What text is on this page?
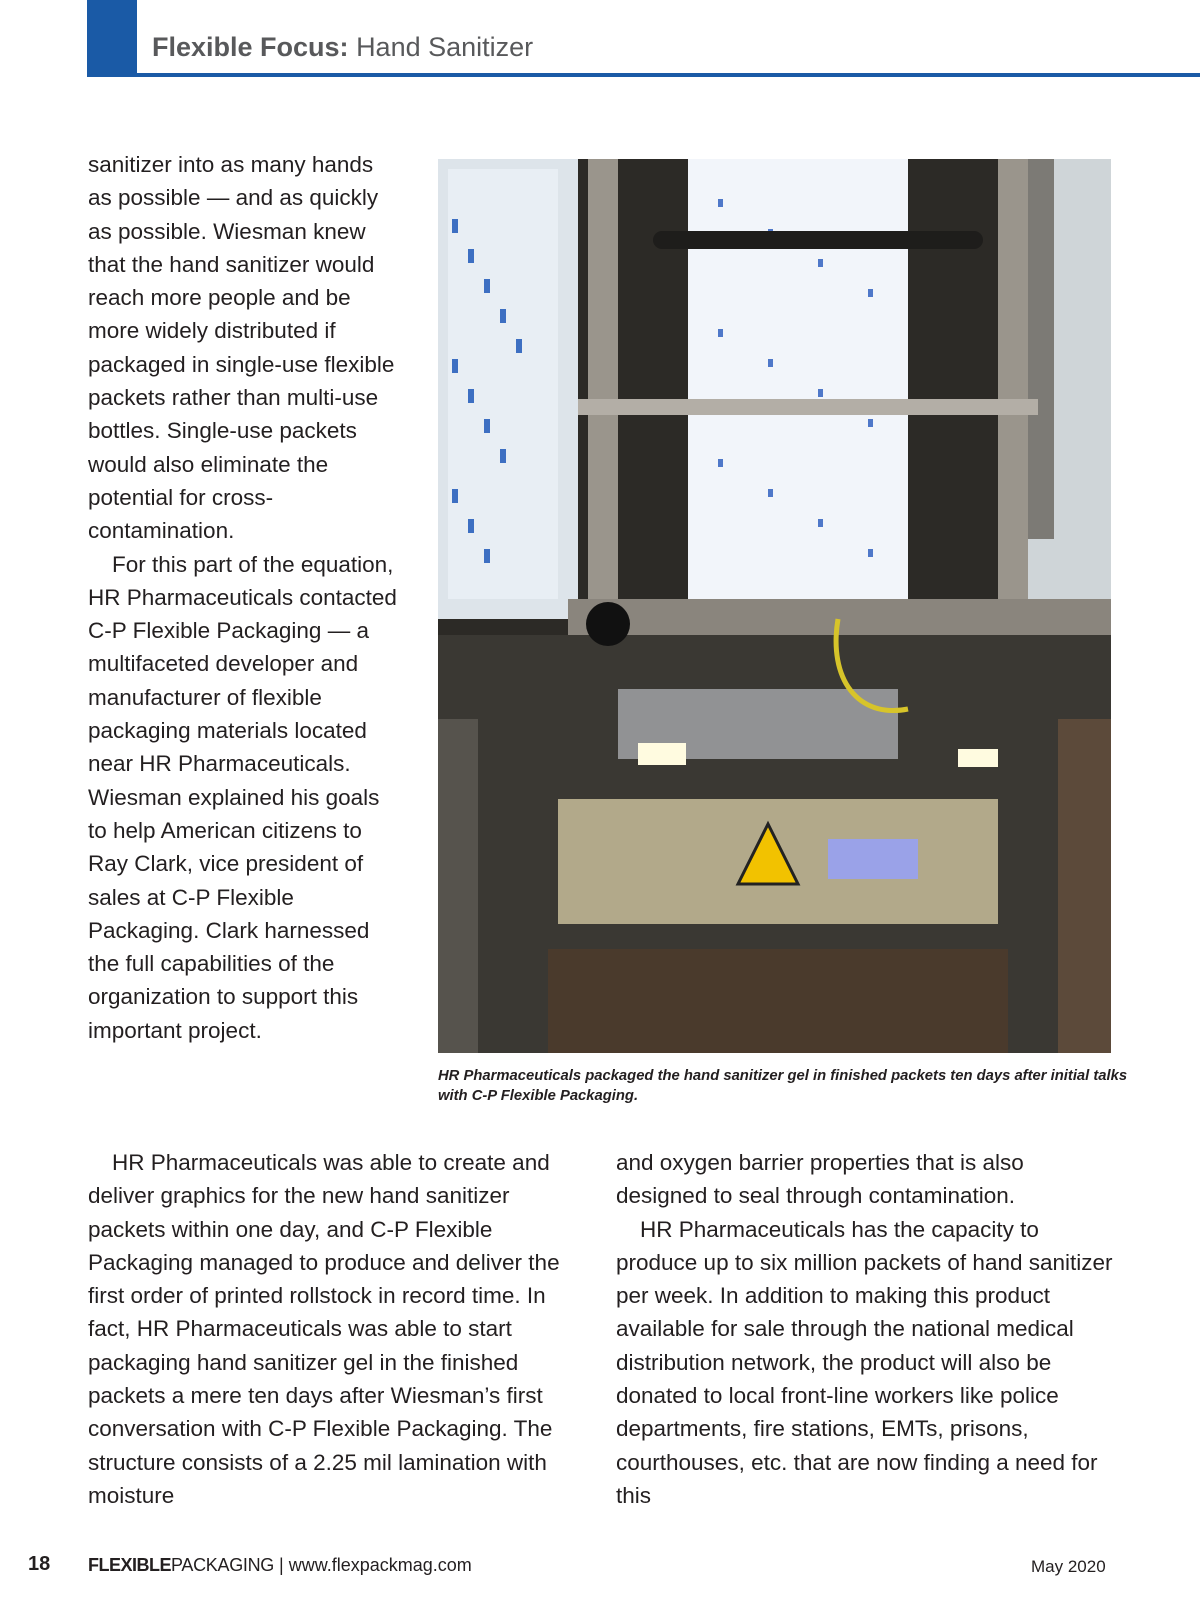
Flexible Focus: Hand Sanitizer

sanitizer into as many hands as possible — and as quickly as possible. Wiesman knew that the hand sanitizer would reach more people and be more widely distributed if packaged in single-use flexible packets rather than multi-use bottles. Single-use packets would also eliminate the potential for cross-contamination.

For this part of the equation, HR Pharmaceuticals contacted C-P Flexible Packaging — a multifaceted developer and manufacturer of flexible packaging materials located near HR Pharmaceuticals. Wiesman explained his goals to help American citizens to Ray Clark, vice president of sales at C-P Flexible Packaging. Clark harnessed the full capabilities of the organization to support this important project.

HR Pharmaceuticals packaged the hand sanitizer gel in finished packets ten days after initial talks with C-P Flexible Packaging.

HR Pharmaceuticals was able to create and deliver graphics for the new hand sanitizer packets within one day, and C-P Flexible Packaging managed to produce and deliver the first order of printed rollstock in record time. In fact, HR Pharmaceuticals was able to start packaging hand sanitizer gel in the finished packets a mere ten days after Wiesman’s first conversation with C-P Flexible Packaging. The structure consists of a 2.25 mil lamination with moisture

and oxygen barrier properties that is also designed to seal through contamination.

HR Pharmaceuticals has the capacity to produce up to six million packets of hand sanitizer per week. In addition to making this product available for sale through the national medical distribution network, the product will also be donated to local front-line workers like police departments, fire stations, EMTs, prisons, courthouses, etc. that are now finding a need for this

18 FLEXIBLEPACKAGING | www.flexpackmag.com	May 2020
